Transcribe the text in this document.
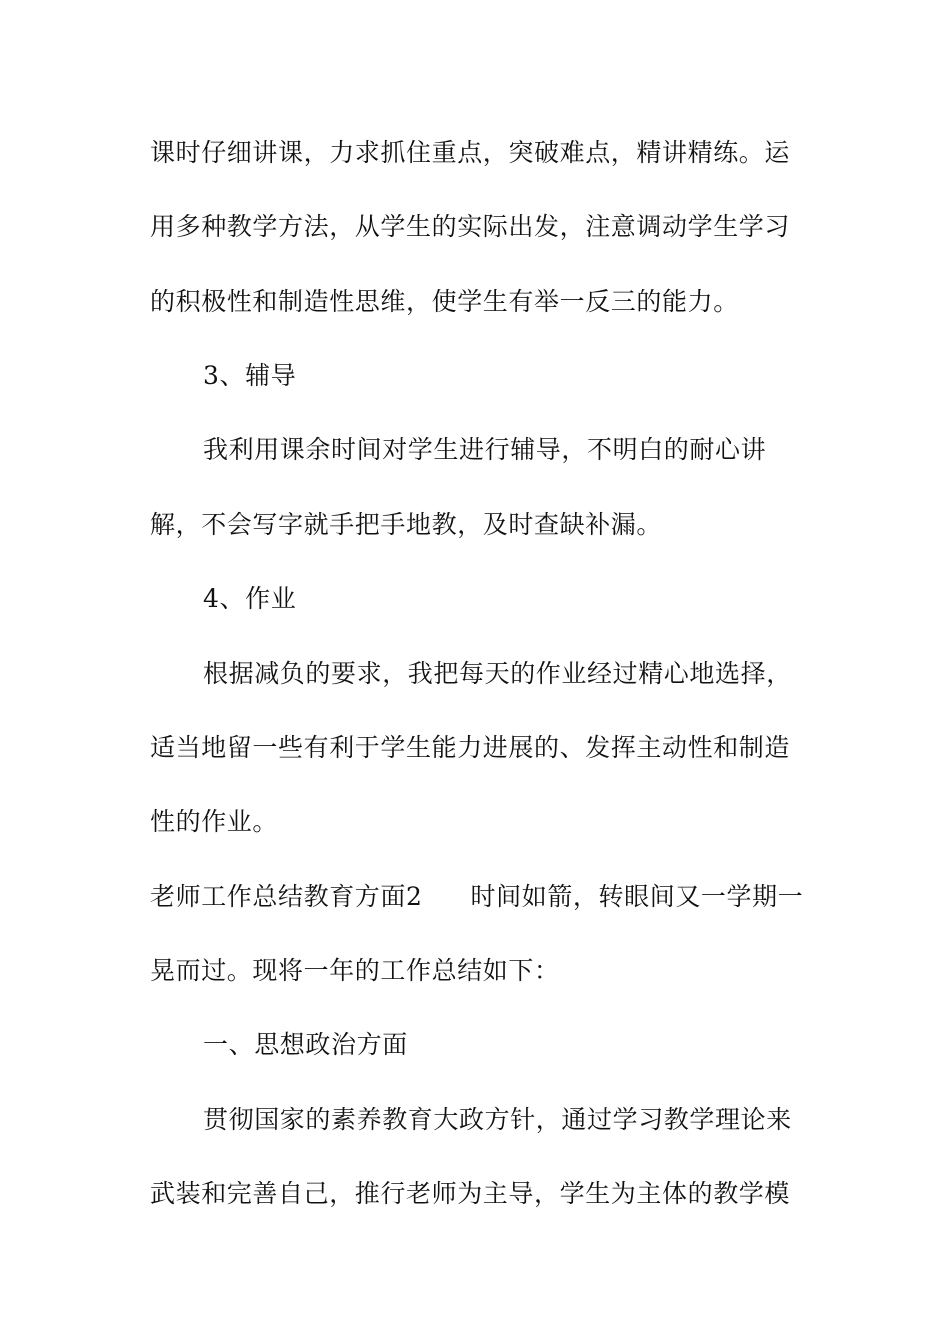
课时仔细讲课，力求抓住重点，突破难点，精讲精练。运
用多种教学方法，从学生的实际出发，注意调动学生学习
的积极性和制造性思维，使学生有举一反三的能力。
3、辅导
我利用课余时间对学生进行辅导，不明白的耐心讲
解，不会写字就手把手地教，及时查缺补漏。
4、作业
根据减负的要求，我把每天的作业经过精心地选择，
适当地留一些有利于学生能力进展的、发挥主动性和制造
性的作业。
老师工作总结教育方面2 时间如箭，转眼间又一学期一
晃而过。现将一年的工作总结如下：
一、思想政治方面
贯彻国家的素养教育大政方针，通过学习教学理论来
武装和完善自己，推行老师为主导，学生为主体的教学模
